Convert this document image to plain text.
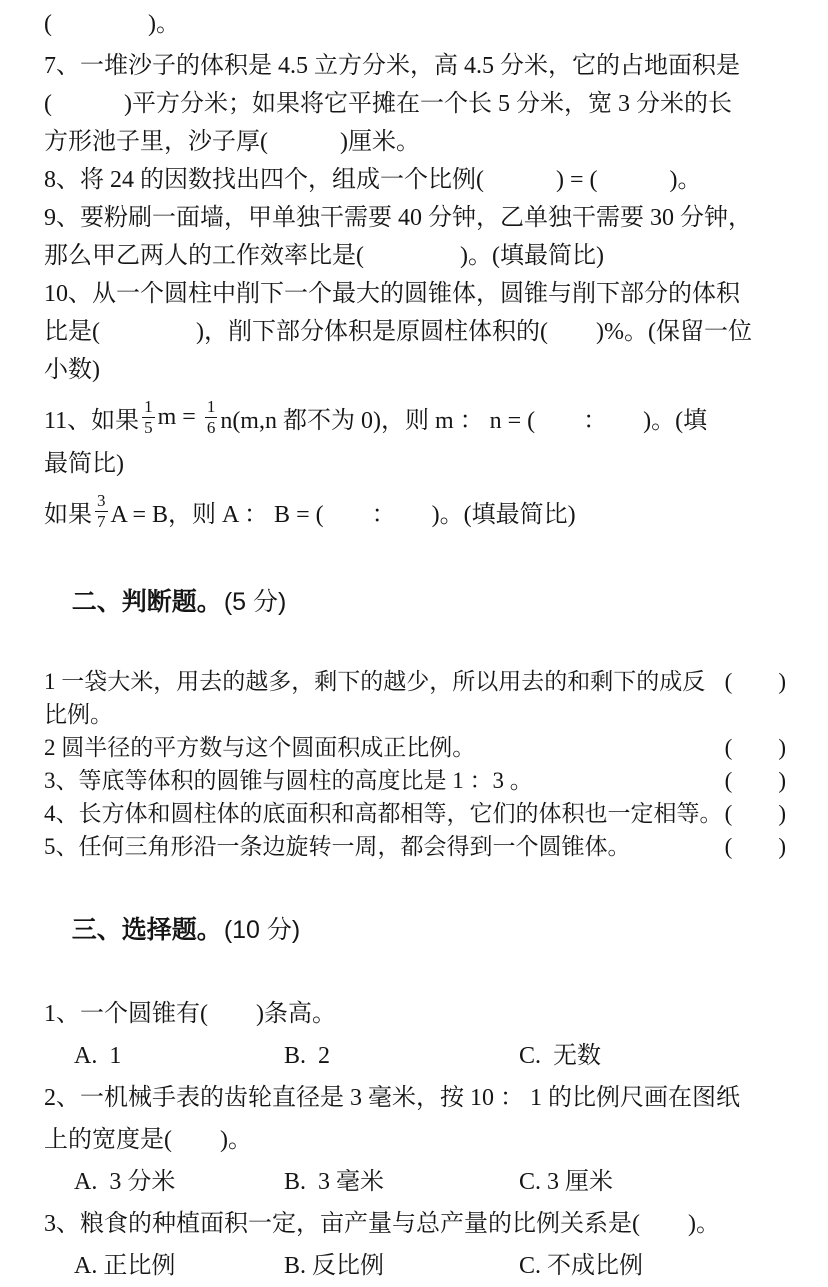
(　　　　)。
7、一堆沙子的体积是 4.5 立方分米，高 4.5 分米，它的占地面积是
(　　　)平方分米；如果将它平摊在一个长 5 分米，宽 3 分米的长
方形池子里，沙子厚(　　　)厘米。
8、将 24 的因数找出四个，组成一个比例(　　　) = (　　　)。
9、要粉刷一面墙，甲单独干需要 40 分钟，乙单独干需要 30 分钟，
那么甲乙两人的工作效率比是(　　　　)。(填最简比)
10、从一个圆柱中削下一个最大的圆锥体，圆锥与削下部分的体积
比是(　　　　)，削下部分体积是原圆柱体积的(　　)%。(保留一位
小数)
11、如果 $\frac{1}{5}$ $m = \frac{1}{6} n(m,n$ 都不为 0)，则 m ： n = (　　：　　)。(填
最简比)
如果 $\frac{3}{7}$ A = B，则 A ： B = (　　：　　)。(填最简比)

二、判断题。(5 分)

1 一袋大米，用去的越多，剩下的越少，所以用去的和剩下的成反比例。
(　　)
2 圆半径的平方数与这个圆面积成正比例。	(　　)
3、等底等体积的圆锥与圆柱的高度比是 1 ：3 。	(　　)
4、长方体和圆柱体的底面积和高都相等，它们的体积也一定相等。 (　　)
5、任何三角形沿一条边旋转一周，都会得到一个圆锥体。	(　　)

三、选择题。(10 分)

1、一个圆锥有(　　)条高。
A.  1	B.  2	C.  无数
2、一机械手表的齿轮直径是 3 毫米，按 10 ： 1 的比例尺画在图纸
上的宽度是(　　)。
A.  3 分米	B.  3 毫米	C. 3 厘米
3、粮食的种植面积一定，亩产量与总产量的比例关系是(　　)。
A. 正比例	B. 反比例	C. 不成比例
